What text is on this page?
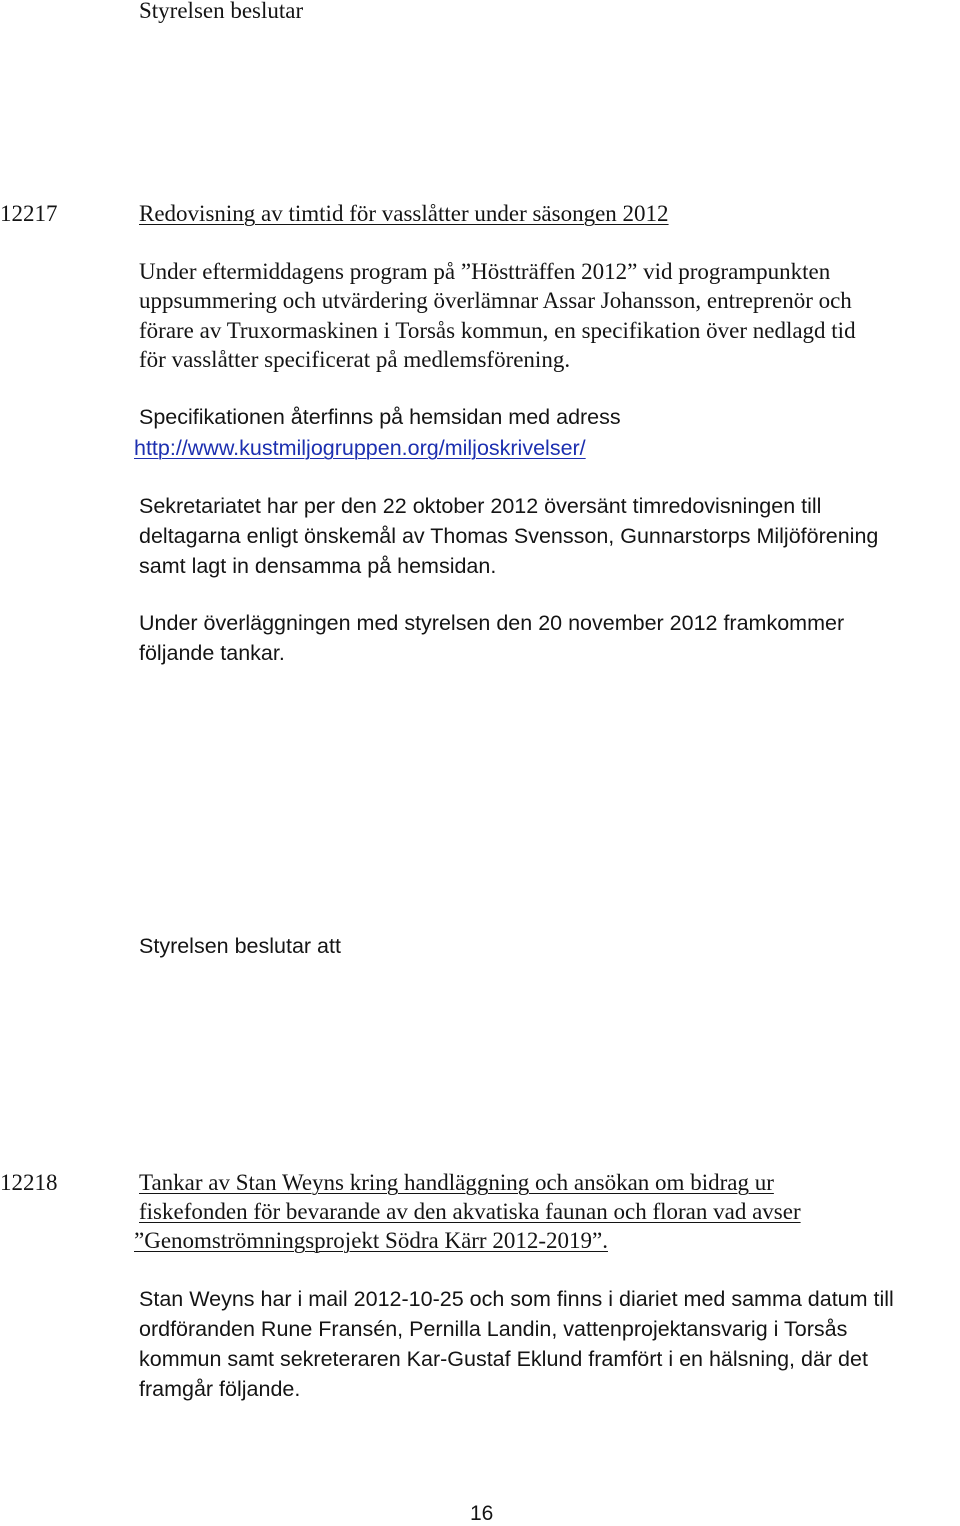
Styrelsen beslutar
12217	Redovisning av timtid för vasslåtter under säsongen 2012
Under eftermiddagens program på ”Höstträffen 2012” vid programpunkten
uppsummering och utvärdering överlämnar Assar Johansson, entreprenör och
förare av Truxormaskinen i Torsås kommun, en specifikation över nedlagd tid
för vasslåtter specificerat på medlemsförening.
Specifikationen återfinns på hemsidan med adress
http://www.kustmiljogruppen.org/miljoskrivelser/
Sekretariatet har per den 22 oktober 2012 översänt timredovisningen till
deltagarna enligt önskemål av Thomas Svensson, Gunnarstorps Miljöförening
samt lagt in densamma på hemsidan.
Under överläggningen med styrelsen den 20 november 2012 framkommer
följande tankar.
Styrelsen beslutar att
12218	Tankar av Stan Weyns kring handläggning och ansökan om bidrag ur
fiskefonden för bevarande av den akvatiska faunan och floran vad avser
”Genomströmningsprojekt Södra Kärr 2012-2019”.
Stan Weyns har i mail 2012-10-25 och som finns i diariet med samma datum till
ordföranden Rune Fransén, Pernilla Landin, vattenprojektansvarig i Torsås
kommun samt sekreteraren Kar-Gustaf Eklund framfört i en hälsning, där det
framgår följande.
16
